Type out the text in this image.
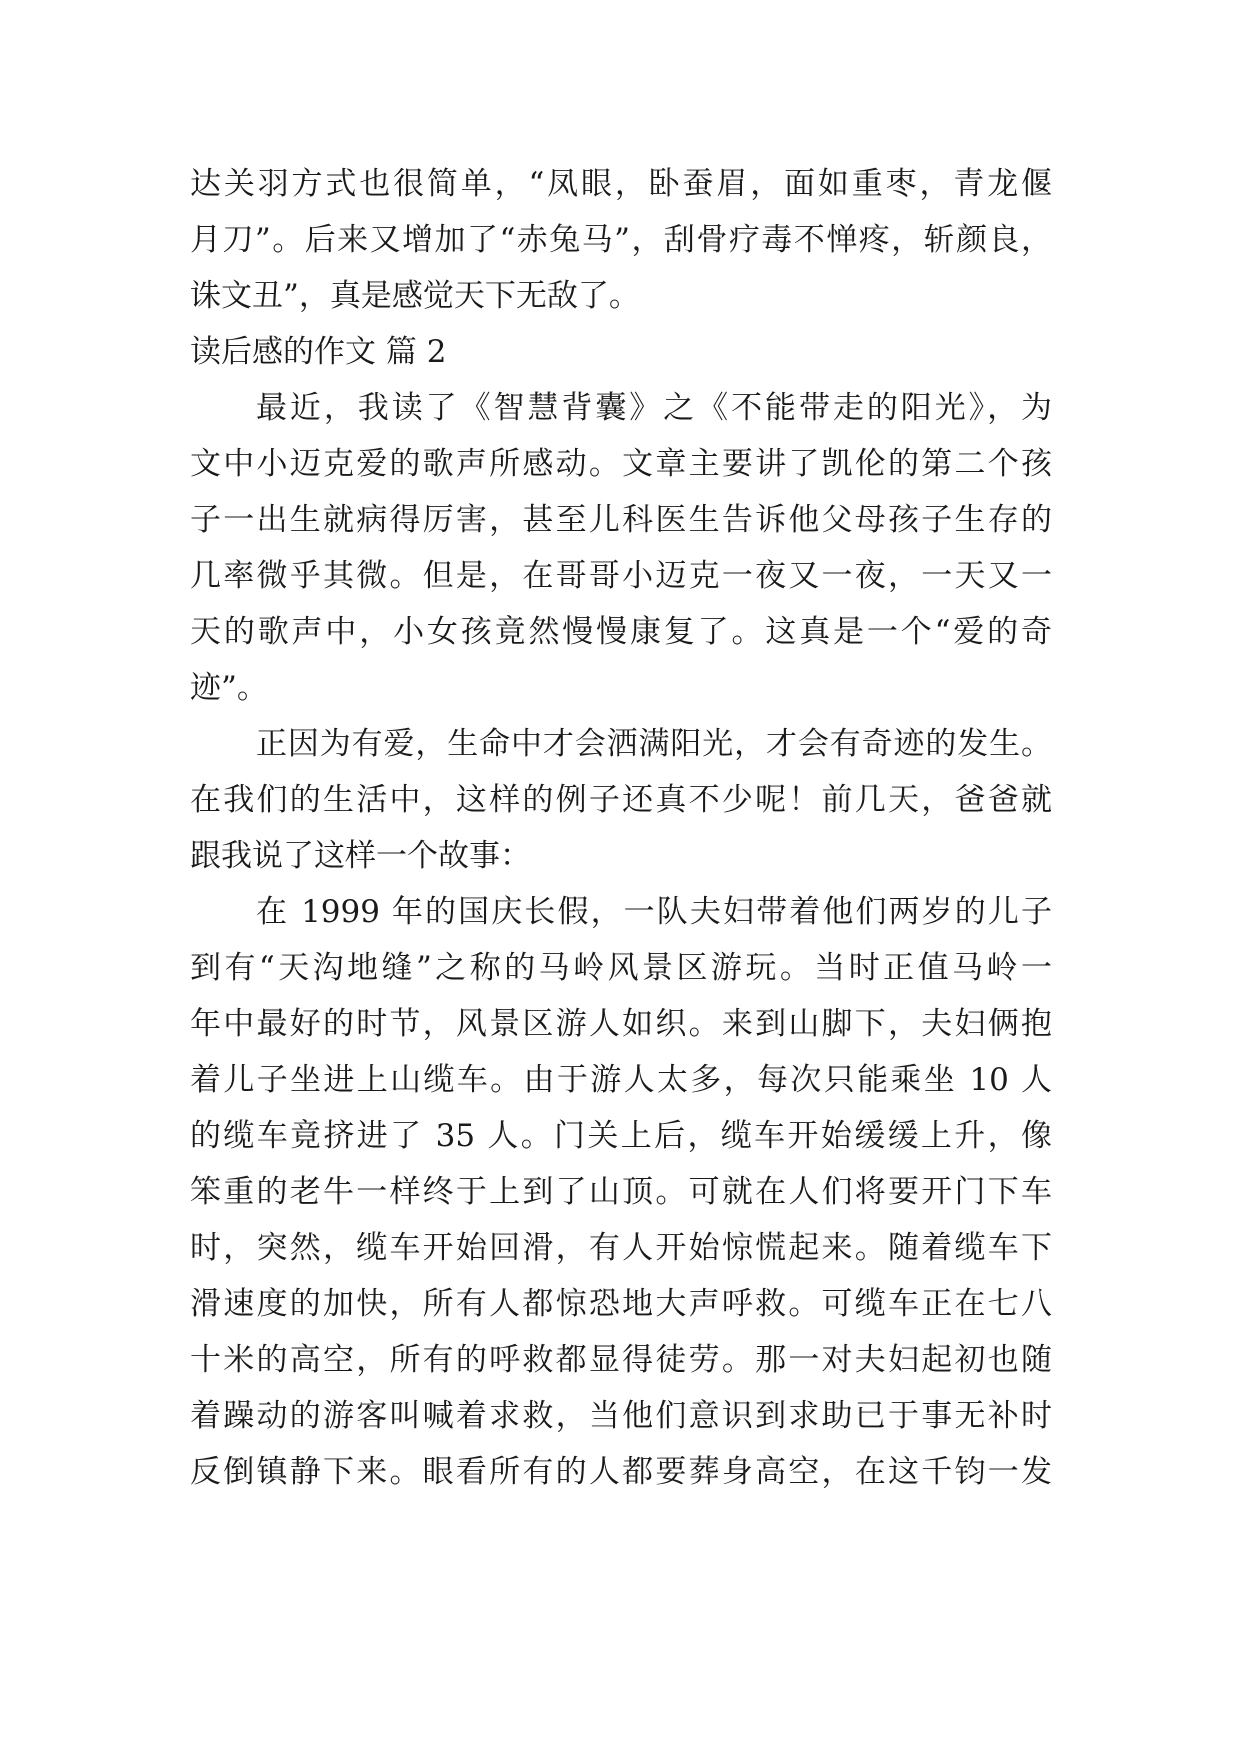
达关羽方式也很简单，“凤眼，卧蚕眉，面如重枣，青龙偃
月刀”。后来又增加了“赤兔马”，刮骨疗毒不惮疼，斩颜良，
诛文丑”，真是感觉天下无敌了。
读后感的作文 篇 2
最近，我读了《智慧背囊》之《不能带走的阳光》，为
文中小迈克爱的歌声所感动。文章主要讲了凯伦的第二个孩
子一出生就病得厉害，甚至儿科医生告诉他父母孩子生存的
几率微乎其微。但是，在哥哥小迈克一夜又一夜，一天又一
天的歌声中，小女孩竟然慢慢康复了。这真是一个“爱的奇
迹”。
正因为有爱，生命中才会洒满阳光，才会有奇迹的发生。
在我们的生活中，这样的例子还真不少呢！前几天，爸爸就
跟我说了这样一个故事：
在 1999 年的国庆长假，一队夫妇带着他们两岁的儿子
到有“天沟地缝”之称的马岭风景区游玩。当时正值马岭一
年中最好的时节，风景区游人如织。来到山脚下，夫妇俩抱
着儿子坐进上山缆车。由于游人太多，每次只能乘坐 10 人
的缆车竟挤进了 35 人。门关上后，缆车开始缓缓上升，像
笨重的老牛一样终于上到了山顶。可就在人们将要开门下车
时，突然，缆车开始回滑，有人开始惊慌起来。随着缆车下
滑速度的加快，所有人都惊恐地大声呼救。可缆车正在七八
十米的高空，所有的呼救都显得徒劳。那一对夫妇起初也随
着躁动的游客叫喊着求救，当他们意识到求助已于事无补时
反倒镇静下来。眼看所有的人都要葬身高空，在这千钧一发
